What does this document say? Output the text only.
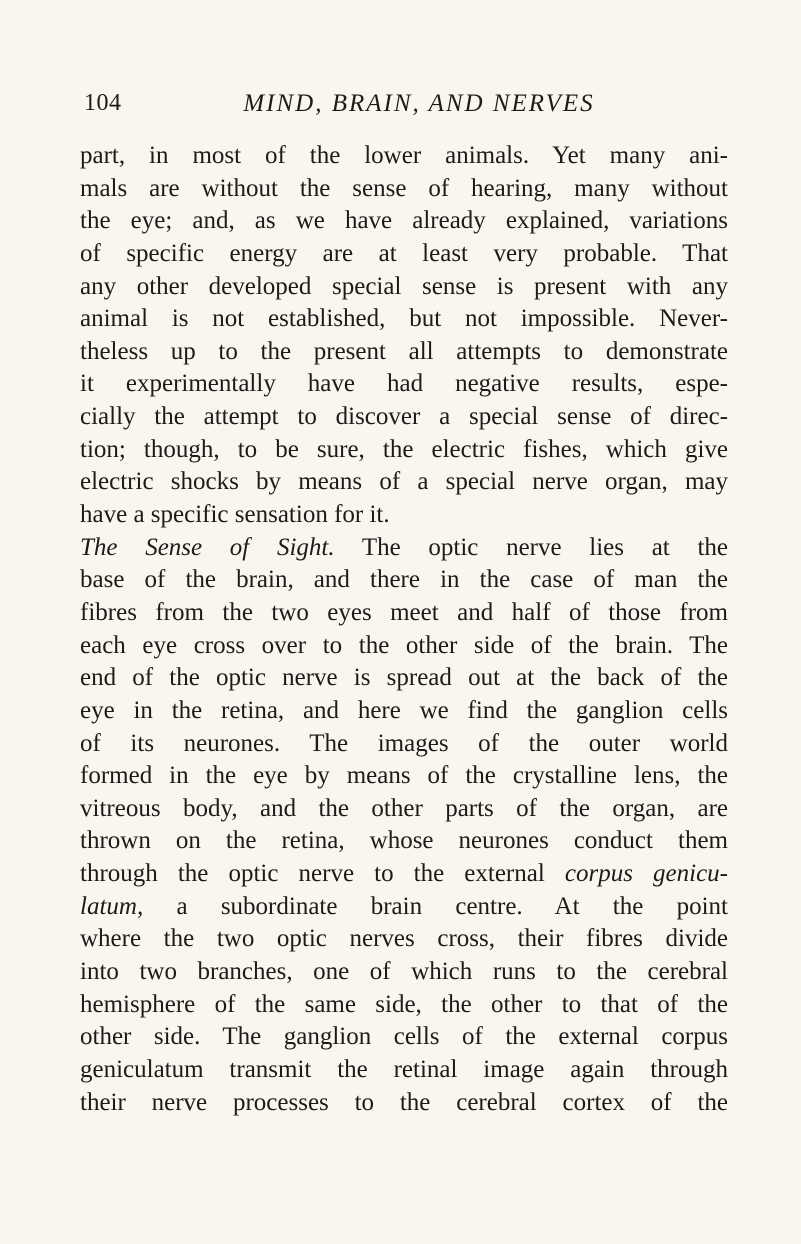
104	MIND, BRAIN, AND NERVES
part, in most of the lower animals. Yet many ani-
mals are without the sense of hearing, many without
the eye; and, as we have already explained, variations
of specific energy are at least very probable. That
any other developed special sense is present with any
animal is not established, but not impossible. Never-
theless up to the present all attempts to demonstrate
it experimentally have had negative results, espe-
cially the attempt to discover a special sense of direc-
tion; though, to be sure, the electric fishes, which give
electric shocks by means of a special nerve organ, may
have a specific sensation for it.
The Sense of Sight. The optic nerve lies at the
base of the brain, and there in the case of man the
fibres from the two eyes meet and half of those from
each eye cross over to the other side of the brain. The
end of the optic nerve is spread out at the back of the
eye in the retina, and here we find the ganglion cells
of its neurones. The images of the outer world
formed in the eye by means of the crystalline lens, the
vitreous body, and the other parts of the organ, are
thrown on the retina, whose neurones conduct them
through the optic nerve to the external corpus genicu-
latum, a subordinate brain centre. At the point
where the two optic nerves cross, their fibres divide
into two branches, one of which runs to the cerebral
hemisphere of the same side, the other to that of the
other side. The ganglion cells of the external corpus
geniculatum transmit the retinal image again through
their nerve processes to the cerebral cortex of the
